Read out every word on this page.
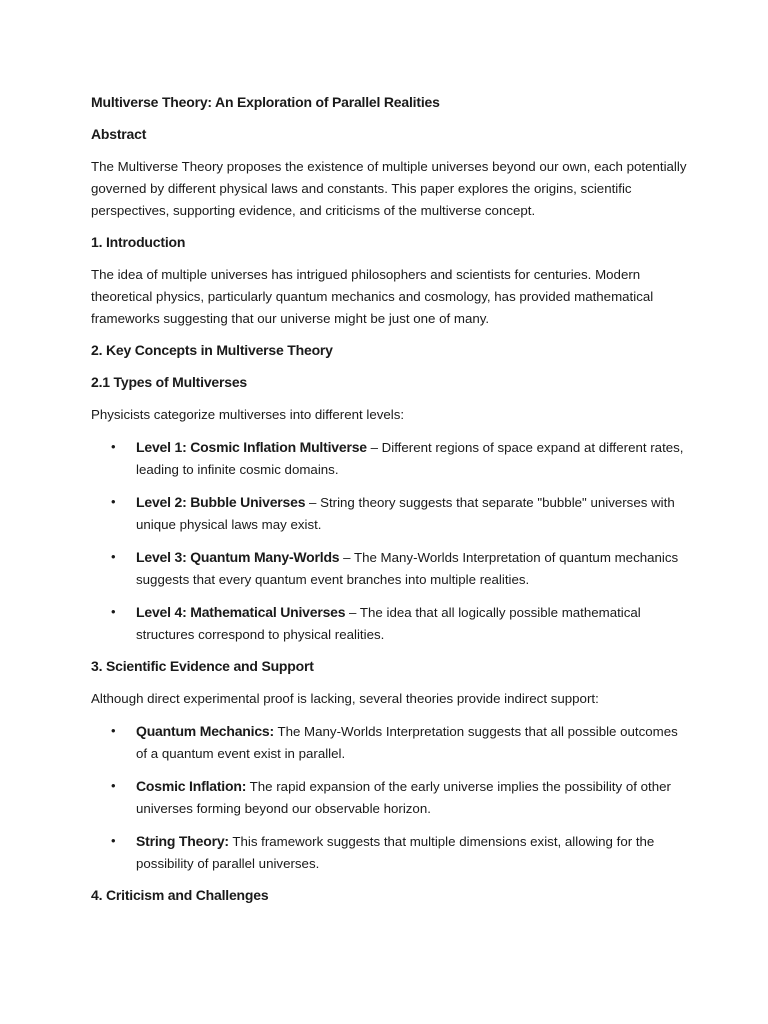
Multiverse Theory: An Exploration of Parallel Realities
Abstract

The Multiverse Theory proposes the existence of multiple universes beyond our own, each potentially governed by different physical laws and constants. This paper explores the origins, scientific perspectives, supporting evidence, and criticisms of the multiverse concept.

1. Introduction

The idea of multiple universes has intrigued philosophers and scientists for centuries. Modern theoretical physics, particularly quantum mechanics and cosmology, has provided mathematical frameworks suggesting that our universe might be just one of many.

2. Key Concepts in Multiverse Theory
2.1 Types of Multiverses

Physicists categorize multiverses into different levels:

• Level 1: Cosmic Inflation Multiverse – Different regions of space expand at different rates, leading to infinite cosmic domains.
• Level 2: Bubble Universes – String theory suggests that separate "bubble" universes with unique physical laws may exist.
• Level 3: Quantum Many-Worlds – The Many-Worlds Interpretation of quantum mechanics suggests that every quantum event branches into multiple realities.
• Level 4: Mathematical Universes – The idea that all logically possible mathematical structures correspond to physical realities.
3. Scientific Evidence and Support

Although direct experimental proof is lacking, several theories provide indirect support:

• Quantum Mechanics: The Many-Worlds Interpretation suggests that all possible outcomes of a quantum event exist in parallel.
• Cosmic Inflation: The rapid expansion of the early universe implies the possibility of other universes forming beyond our observable horizon.
• String Theory: This framework suggests that multiple dimensions exist, allowing for the possibility of parallel universes.
4. Criticism and Challenges
